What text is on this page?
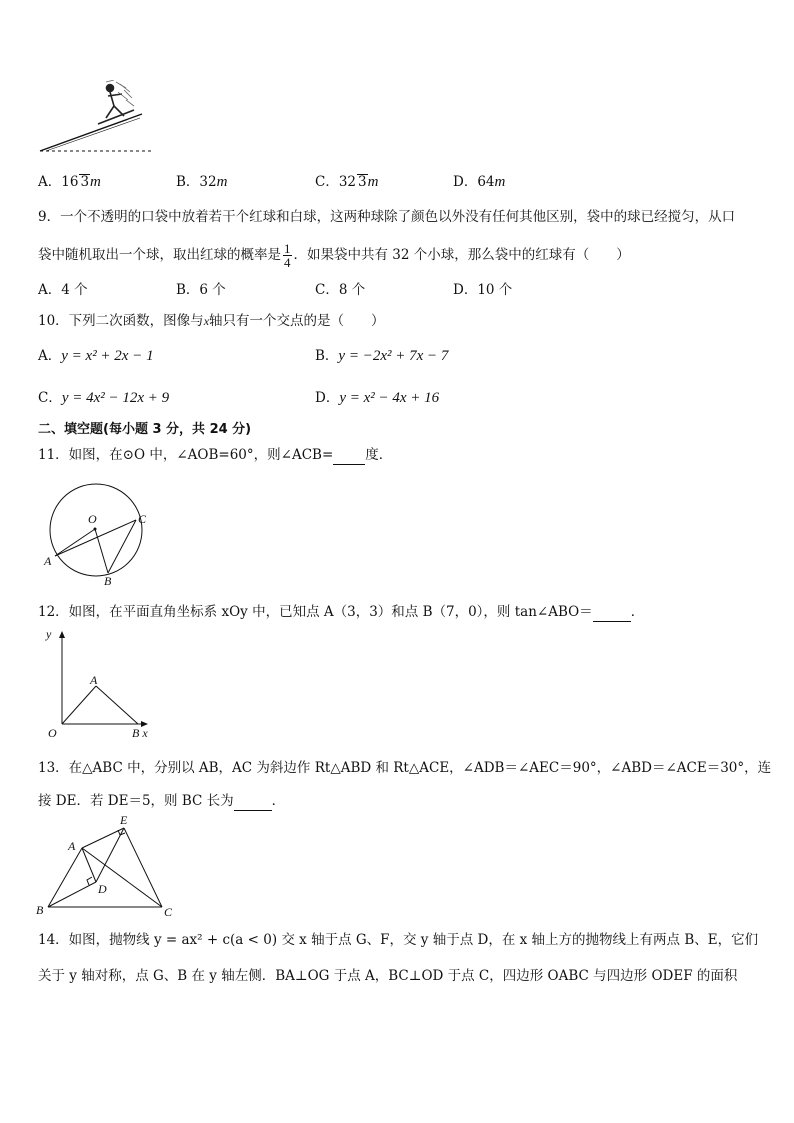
A．16 3m	B．32m	C．32 3m	D．64m
9．一个不透明的口袋中放着若干个红球和白球，这两种球除了颜色以外没有任何其他区别，袋中的球已经搅匀，从口
袋中随机取出一个球，取出红球的概率是 $\frac{1}{4}$ ．如果袋中共有 32 个小球，那么袋中的红球有（　　）
A．4 个	B．6 个	C．8 个	D．10 个
10．下列二次函数，图像与x轴只有一个交点的是（　　）
A．y = x² + 2x − 1	B．y = −2x² + 7x − 7
C．y = 4x² − 12x + 9	D．y = x² − 4x + 16
二、填空题(每小题 3 分，共 24 分)
11．如图，在⊙O 中，∠AOB=60°，则∠ACB= 度．
O	C
A
B
12．如图，在平面直角坐标系 xOy 中，已知点 A（3，3）和点 B（7，0），则 tan∠ABO＝	．
y
A
O	B x
13．在△ABC 中，分别以 AB，AC 为斜边作 Rt△ABD 和 Rt△ACE，∠ADB＝∠AEC＝90°，∠ABD＝∠ACE＝30°，连
接 DE．若 DE＝5，则 BC 长为	．
E
A
D
B	C
14．如图，抛物线 y = ax² + c(a < 0) 交 x 轴于点 G、F，交 y 轴于点 D，在 x 轴上方的抛物线上有两点 B、E，它们
关于 y 轴对称，点 G、B 在 y 轴左侧．BA⊥OG 于点 A，BC⊥OD 于点 C，四边形 OABC 与四边形 ODEF 的面积
